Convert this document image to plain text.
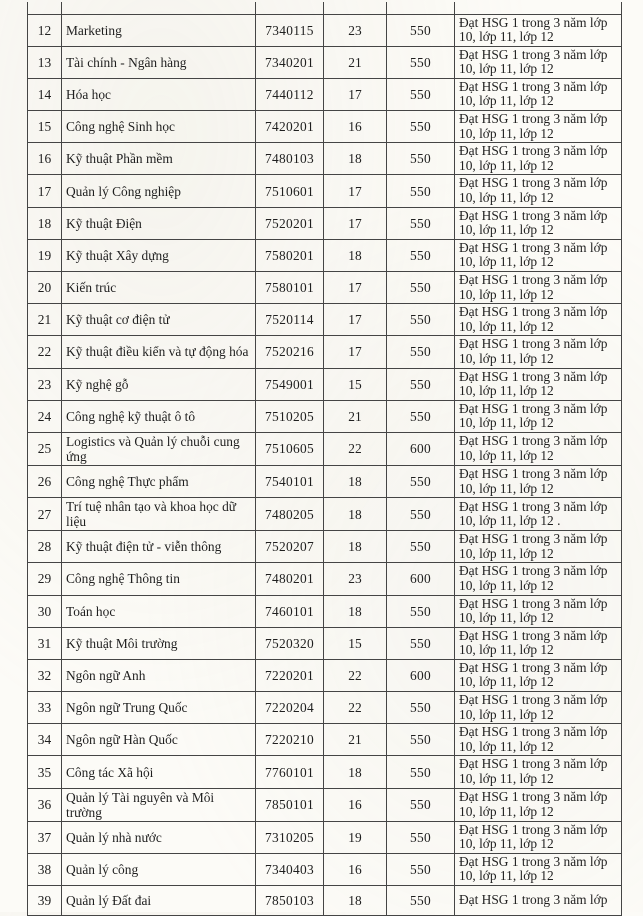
12	Marketing	7340115	23	550	Đạt HSG 1 trong 3 năm lớp
10, lớp 11, lớp 12

13	Tài chính - Ngân hàng	7340201	21	550	Đạt HSG 1 trong 3 năm lớp
10, lớp 11, lớp 12

14	Hóa học	7440112	17	550	Đạt HSG 1 trong 3 năm lớp
10, lớp 11, lớp 12

15	Công nghệ Sinh học	7420201	16	550	Đạt HSG 1 trong 3 năm lớp
10, lớp 11, lớp 12

16	Kỹ thuật Phần mềm	7480103	18	550	Đạt HSG 1 trong 3 năm lớp
10, lớp 11, lớp 12

17	Quản lý Công nghiệp	7510601	17	550	Đạt HSG 1 trong 3 năm lớp
10, lớp 11, lớp 12

18	Kỹ thuật Điện	7520201	17	550	Đạt HSG 1 trong 3 năm lớp
10, lớp 11, lớp 12

19	Kỹ thuật Xây dựng	7580201	18	550	Đạt HSG 1 trong 3 năm lớp
10, lớp 11, lớp 12

20	Kiến trúc	7580101	17	550	Đạt HSG 1 trong 3 năm lớp
10, lớp 11, lớp 12

21	Kỹ thuật cơ điện tử	7520114	17	550	Đạt HSG 1 trong 3 năm lớp
10, lớp 11, lớp 12

22	Kỹ thuật điều kiển và tự động hóa	7520216	17	550	Đạt HSG 1 trong 3 năm lớp
10, lớp 11, lớp 12

23	Kỹ nghệ gỗ	7549001	15	550	Đạt HSG 1 trong 3 năm lớp
10, lớp 11, lớp 12

24	Công nghệ kỹ thuật ô tô	7510205	21	550	Đạt HSG 1 trong 3 năm lớp
10, lớp 11, lớp 12

25	Logistics và Quản lý chuỗi cung ứng	7510605	22	600	Đạt HSG 1 trong 3 năm lớp
10, lớp 11, lớp 12

26	Công nghệ Thực phẩm	7540101	18	550	Đạt HSG 1 trong 3 năm lớp
10, lớp 11, lớp 12

27	Trí tuệ nhân tạo và khoa học dữ liệu	7480205	18	550	Đạt HSG 1 trong 3 năm lớp
10, lớp 11, lớp 12 .

28	Kỹ thuật điện tử - viễn thông	7520207	18	550	Đạt HSG 1 trong 3 năm lớp
10, lớp 11, lớp 12

29	Công nghệ Thông tin	7480201	23	600	Đạt HSG 1 trong 3 năm lớp
10, lớp 11, lớp 12

30	Toán học	7460101	18	550	Đạt HSG 1 trong 3 năm lớp
10, lớp 11, lớp 12

31	Kỹ thuật Môi trường	7520320	15	550	Đạt HSG 1 trong 3 năm lớp
10, lớp 11, lớp 12

32	Ngôn ngữ Anh	7220201	22	600	Đạt HSG 1 trong 3 năm lớp
10, lớp 11, lớp 12

33	Ngôn ngữ Trung Quốc	7220204	22	550	Đạt HSG 1 trong 3 năm lớp
10, lớp 11, lớp 12

34	Ngôn ngữ Hàn Quốc	7220210	21	550	Đạt HSG 1 trong 3 năm lớp
10, lớp 11, lớp 12

35	Công tác Xã hội	7760101	18	550	Đạt HSG 1 trong 3 năm lớp
10, lớp 11, lớp 12

36	Quản lý Tài nguyên và Môi trường	7850101	16	550	Đạt HSG 1 trong 3 năm lớp
10, lớp 11, lớp 12

37	Quản lý nhà nước	7310205	19	550	Đạt HSG 1 trong 3 năm lớp
10, lớp 11, lớp 12

38	Quản lý công	7340403	16	550	Đạt HSG 1 trong 3 năm lớp
10, lớp 11, lớp 12

39	Quản lý Đất đai	7850103	18	550	Đạt HSG 1 trong 3 năm lớp
